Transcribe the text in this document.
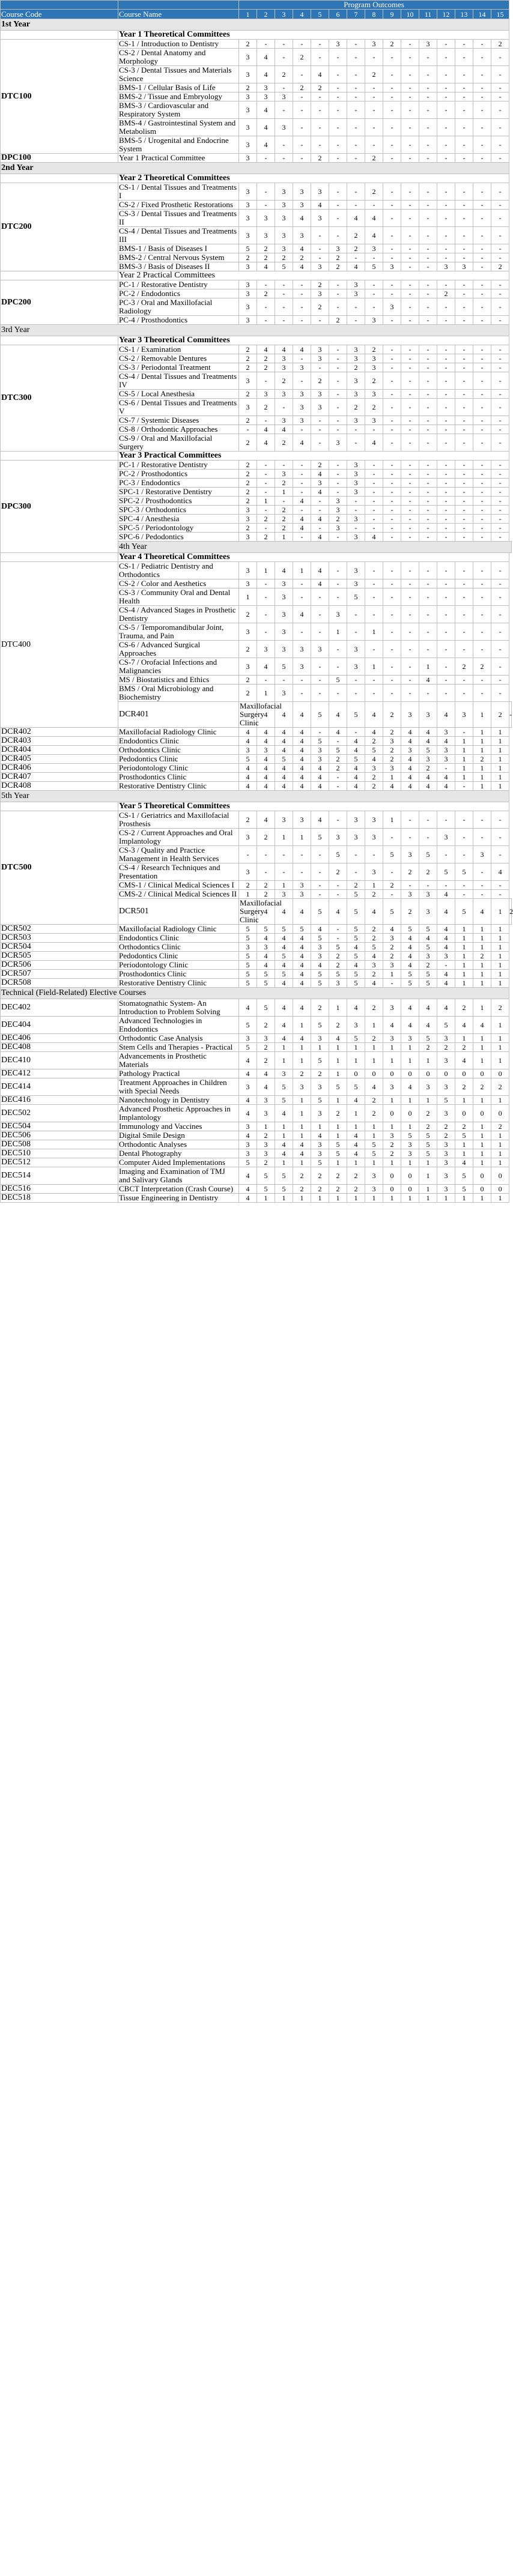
		Program Outcomes															
Course Code	Course Name	1	2	3	4	5	6	7	8	9	10	11	12	13	14	15	
1st Year																	
	Year 1 Theoretical Committees																
DTC100	CS-1 / Introduction to Dentistry	2	-	-	-	-	3	-	3	2	-	3	-	-	-	2	
	CS-2 / Dental Anatomy and Morphology	3	4	-	2	-	-	-	-	-	-	-	-	-	-	-	
	CS-3 / Dental Tissues and Materials Science	3	4	2	-	4	-	-	2	-	-	-	-	-	-	-	
	BMS-1 / Cellular Basis of Life	2	3	-	2	2	-	-	-	-	-	-	-	-	-	-	
	BMS-2 / Tissue and Embryology	3	3	3	-	-	-	-	-	-	-	-	-	-	-	-	
	BMS-3 / Cardiovascular and Respiratory System	3	4	-	-	-	-	-	-	-	-	-	-	-	-	-	
	BMS-4 / Gastrointestinal System and Metabolism	3	4	3	-	-	-	-	-	-	-	-	-	-	-	-	
	BMS-5 / Urogenital and Endocrine System	3	4	-	-	-	-	-	-	-	-	-	-	-	-	-	
DPC100	Year 1 Practical Committee	3	-	-	-	2	-	-	2	-	-	-	-	-	-	-	
2nd Year																	
	Year 2 Theoretical Committees																
DTC200	CS-1 / Dental Tissues and Treatments I	3	-	3	3	3	-	-	2	-	-	-	-	-	-	-	
	CS-2 / Fixed Prosthetic Restorations	3	-	3	3	4	-	-	-	-	-	-	-	-	-	-	
	CS-3 / Dental Tissues and Treatments II	3	3	3	4	3	-	4	4	-	-	-	-	-	-	-	
	CS-4 / Dental Tissues and Treatments III	3	3	3	3	-	-	2	4	-	-	-	-	-	-	-	
	BMS-1 / Basis of Diseases I	5	2	3	4	-	3	2	3	-	-	-	-	-	-	-	
	BMS-2 / Central Nervous System	2	2	2	2	-	2	-	-	-	-	-	-	-	-	-	
	BMS-3 / Basis of Diseases II	3	4	5	4	3	2	4	5	3	-	-	3	3	-	2	
	Year 2 Practical Committees																
DPC200	PC-1 / Restorative Dentistry	3	-	-	-	2	-	3	-	-	-	-	-	-	-	-	
	PC-2 / Endodontics	3	2	-	-	3	-	3	-	-	-	-	2	-	-	-	
	PC-3 / Oral and Maxillofacial Radiology	3	-	-	-	2	-	-	-	3	-	-	-	-	-	-	
	PC-4 / Prosthodontics	3	-	-	-	-	2	-	3	-	-	-	-	-	-	-	
3rd Year																	
	Year 3 Theoretical Committees																
DTC300	CS-1 / Examination	2	4	4	4	3	-	3	2	-	-	-	-	-	-	-	
	CS-2 / Removable Dentures	2	2	3	-	3	-	3	3	-	-	-	-	-	-	-	
	CS-3 / Periodontal Treatment	2	2	3	3	-	-	2	3	-	-	-	-	-	-	-	
	CS-4 / Dental Tissues and Treatments IV	3	-	2	-	2	-	3	2	-	-	-	-	-	-	-	
	CS-5 / Local Anesthesia	2	3	3	3	3	-	3	3	-	-	-	-	-	-	-	
	CS-6 / Dental Tissues and Treatments V	3	2	-	3	3	-	2	2	-	-	-	-	-	-	-	
	CS-7 / Systemic Diseases	2	-	3	3	-	-	3	3	-	-	-	-	-	-	-	
	CS-8 / Orthodontic Approaches	-	4	4	-	-	-	-	-	-	-	-	-	-	-	-	
	CS-9 / Oral and Maxillofacial Surgery	2	4	2	4	-	3	-	4	-	-	-	-	-	-	-	
	Year 3 Practical Committees																
DPC300	PC-1 / Restorative Dentistry	2	-	-	-	2	-	3	-	-	-	-	-	-	-	-	
	PC-2 / Prosthodontics	2	-	3	-	4	-	3	-	-	-	-	-	-	-	-	
	PC-3 / Endodontics	2	-	2	-	3	-	3	-	-	-	-	-	-	-	-	
	SPC-1 / Restorative Dentistry	2	-	1	-	4	-	3	-	-	-	-	-	-	-	-	
	SPC-2 / Prosthodontics	2	1	-	4	-	3	-	-	-	-	-	-	-	-	-	
	SPC-3 / Orthodontics	3	-	2	-	-	3	-	-	-	-	-	-	-	-	-	
	SPC-4 / Anesthesia	3	2	2	4	4	2	3	-	-	-	-	-	-	-	-	
	SPC-5 / Periodontology	2	-	2	4	-	3	-	-	-	-	-	-	-	-	-	
	SPC-6 / Pedodontics	3	2	1	-	4	-	3	4	-	-	-	-	-	-	-	
	4th Year																
	Year 4 Theoretical Committees																
DTC400	CS-1 / Pediatric Dentistry and Orthodontics	3	1	4	1	4	-	3	-	-	-	-	-	-	-	-	
	CS-2 / Color and Aesthetics	3	-	3	-	4	-	3	-	-	-	-	-	-	-	-	
	CS-3 / Community Oral and Dental Health	1	-	3	-	-	-	5	-	-	-	-	-	-	-	-	
	CS-4 / Advanced Stages in Prosthetic Dentistry	2	-	3	4	-	3	-	-	-	-	-	-	-	-	-	
	CS-5 / Temporomandibular Joint, Trauma, and Pain	3	-	3	-	-	1	-	1	-	-	-	-	-	-	-	
	CS-6 / Advanced Surgical Approaches	2	3	3	3	3	-	3	-	-	-	-	-	-	-	-	
	CS-7 / Orofacial Infections and Malignancies	3	4	5	3	-	-	3	1	-	-	1	-	2	2	-	
	MS / Biostatistics and Ethics	2	-	-	-	-	5	-	-	-	-	4	-	-	-	-	
	BMS / Oral Microbiology and Biochemistry	2	1	3	-	-	-	-	-	-	-	-	-	-	-	-	
	DCR401	Maxillofacial Surgery Clinic	4	4	4	5	4	5	4	2	3	3	4	3	1	2	-
DCR402	Maxillofacial Radiology Clinic	4	4	4	4	-	4	-	4	2	4	4	3	-	1	1	
DCR403	Endodontics Clinic	4	4	4	4	5	-	4	2	3	4	4	4	1	1	1	
DCR404	Orthodontics Clinic	3	3	4	4	3	5	4	5	2	3	5	3	1	1	1	
DCR405	Pedodontics Clinic	5	4	5	4	3	2	5	4	2	4	3	3	1	2	1	
DCR406	Periodontology Clinic	4	4	4	4	4	2	4	3	3	4	2	-	1	1	1	
DCR407	Prosthodontics Clinic	4	4	4	4	4	-	4	2	1	4	4	4	1	1	1	
DCR408	Restorative Dentistry Clinic	4	4	4	4	4	-	4	2	4	4	4	4	-	1	1	
5th Year																	
	Year 5 Theoretical Committees																
DTC500	CS-1 / Geriatrics and Maxillofacial Prosthesis	2	4	3	3	4	-	3	3	1	-	-	-	-	-	-	
	CS-2 / Current Approaches and Oral Implantology	3	2	1	1	5	3	3	3	-	-	-	3	-	-	-	
	CS-3 / Quality and Practice Management in Health Services	-	-	-	-	-	5	-	-	5	3	5	-	-	3	-	
	CS-4 / Research Techniques and Presentation	3	-	-	-	-	2	-	3	-	2	2	5	5	-	4	
	CMS-1 / Clinical Medical Sciences I	2	2	1	3	-	-	2	1	2	-	-	-	-	-	-	
	CMS-2 / Clinical Medical Sciences II	1	2	3	3	-	-	5	2	-	3	3	4	-	-	-	
	DCR501	Maxillofacial Surgery Clinic	4	4	4	5	4	5	4	5	2	3	4	5	4	1	2
DCR502	Maxillofacial Radiology Clinic	5	5	5	5	4	-	5	2	4	5	5	4	1	1	1	
DCR503	Endodontics Clinic	5	4	4	4	5	-	5	2	3	4	4	4	1	1	1	
DCR504	Orthodontics Clinic	3	3	4	4	3	5	4	5	2	4	5	4	1	1	1	
DCR505	Pedodontics Clinic	5	4	5	4	3	2	5	4	2	4	3	3	1	2	1	
DCR506	Periodontology Clinic	5	4	4	4	4	2	4	3	3	4	2	-	1	1	1	
DCR507	Prosthodontics Clinic	5	5	5	4	5	5	5	2	1	5	5	4	1	1	1	
DCR508	Restorative Dentistry Clinic	5	5	4	4	5	3	5	4	-	5	5	4	1	1	1	
Technical (Field-Related) Elective Courses																	
DEC402	Stomatognathic System- An Introduction to Problem Solving	4	5	4	4	2	1	4	2	3	4	4	4	2	1	2	
DEC404	Advanced Technologies in Endodontics	5	2	4	1	5	2	3	1	4	4	4	5	4	4	1	
DEC406	Orthodontic Case Analysis	3	3	4	4	3	4	5	2	3	3	5	3	1	1	1	
DEC408	Stem Cells and Therapies - Practical	5	2	1	1	1	1	1	1	1	1	2	2	2	1	1	
DEC410	Advancements in Prosthetic Materials	4	2	1	1	5	1	1	1	1	1	1	3	4	1	1	
DEC412	Pathology Practical	4	4	3	2	2	1	0	0	0	0	0	0	0	0	0	
DEC414	Treatment Approaches in Children with Special Needs	3	4	5	3	3	5	5	4	3	4	3	3	2	2	2	
DEC416	Nanotechnology in Dentistry	4	3	5	1	5	1	4	2	1	1	1	5	1	1	1	
DEC502	Advanced Prosthetic Approaches in Implantology	4	3	4	1	3	2	1	2	0	0	2	3	0	0	0	
DEC504	Immunology and Vaccines	3	1	1	1	1	1	1	1	1	1	2	2	2	1	2	
DEC506	Digital Smile Design	4	2	1	1	4	1	4	1	3	5	5	2	5	1	1	
DEC508	Orthodontic Analyses	3	3	4	4	3	5	4	5	2	3	5	3	1	1	1	
DEC510	Dental Photography	3	3	4	4	3	5	4	5	2	3	5	3	1	1	1	
DEC512	Computer Aided Implementations	5	2	1	1	5	1	1	1	1	1	1	3	4	1	1	
DEC514	Imaging and Examination of TMJ and Salivary Glands	4	5	5	2	2	2	2	3	0	0	1	3	5	0	0	
DEC516	CBCT Interpretation (Crash Course)	4	5	5	2	2	2	2	3	0	0	1	3	5	0	0	
DEC518	Tissue Engineering in Dentistry	4	1	1	1	1	1	1	1	1	1	1	1	1	1	1	
